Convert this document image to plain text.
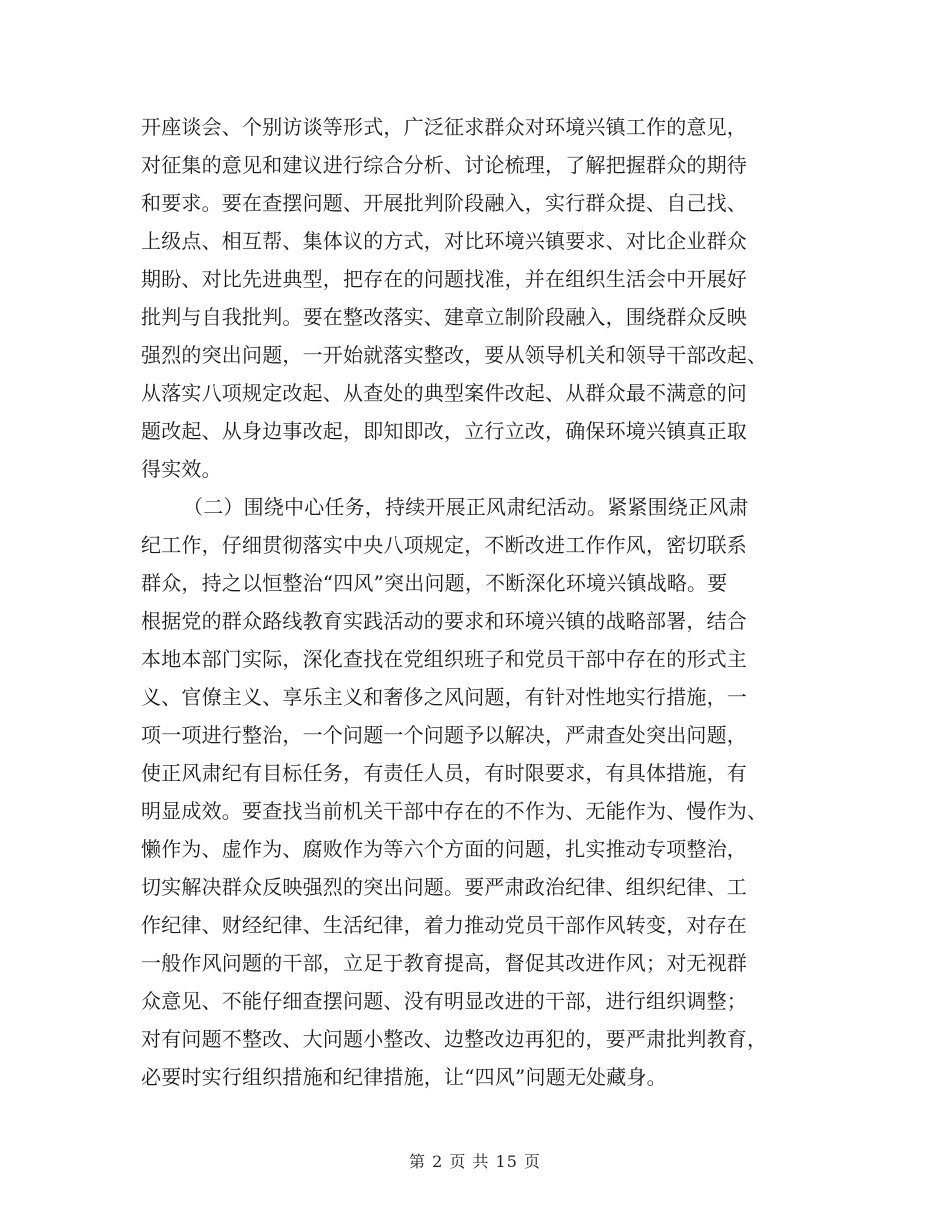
开座谈会、个别访谈等形式，广泛征求群众对环境兴镇工作的意见，
对征集的意见和建议进行综合分析、讨论梳理，了解把握群众的期待
和要求。要在查摆问题、开展批判阶段融入，实行群众提、自己找、
上级点、相互帮、集体议的方式，对比环境兴镇要求、对比企业群众
期盼、对比先进典型，把存在的问题找准，并在组织生活会中开展好
批判与自我批判。要在整改落实、建章立制阶段融入，围绕群众反映
强烈的突出问题，一开始就落实整改，要从领导机关和领导干部改起、
从落实八项规定改起、从查处的典型案件改起、从群众最不满意的问
题改起、从身边事改起，即知即改，立行立改，确保环境兴镇真正取
得实效。
（二）围绕中心任务，持续开展正风肃纪活动。紧紧围绕正风肃
纪工作，仔细贯彻落实中央八项规定，不断改进工作作风，密切联系
群众，持之以恒整治“四风”突出问题，不断深化环境兴镇战略。要
根据党的群众路线教育实践活动的要求和环境兴镇的战略部署，结合
本地本部门实际，深化查找在党组织班子和党员干部中存在的形式主
义、官僚主义、享乐主义和奢侈之风问题，有针对性地实行措施，一
项一项进行整治，一个问题一个问题予以解决，严肃查处突出问题，
使正风肃纪有目标任务，有责任人员，有时限要求，有具体措施，有
明显成效。要查找当前机关干部中存在的不作为、无能作为、慢作为、
懒作为、虚作为、腐败作为等六个方面的问题，扎实推动专项整治，
切实解决群众反映强烈的突出问题。要严肃政治纪律、组织纪律、工
作纪律、财经纪律、生活纪律，着力推动党员干部作风转变，对存在
一般作风问题的干部，立足于教育提高，督促其改进作风；对无视群
众意见、不能仔细查摆问题、没有明显改进的干部，进行组织调整；
对有问题不整改、大问题小整改、边整改边再犯的，要严肃批判教育，
必要时实行组织措施和纪律措施，让“四风”问题无处藏身。
第 2 页 共 15 页
